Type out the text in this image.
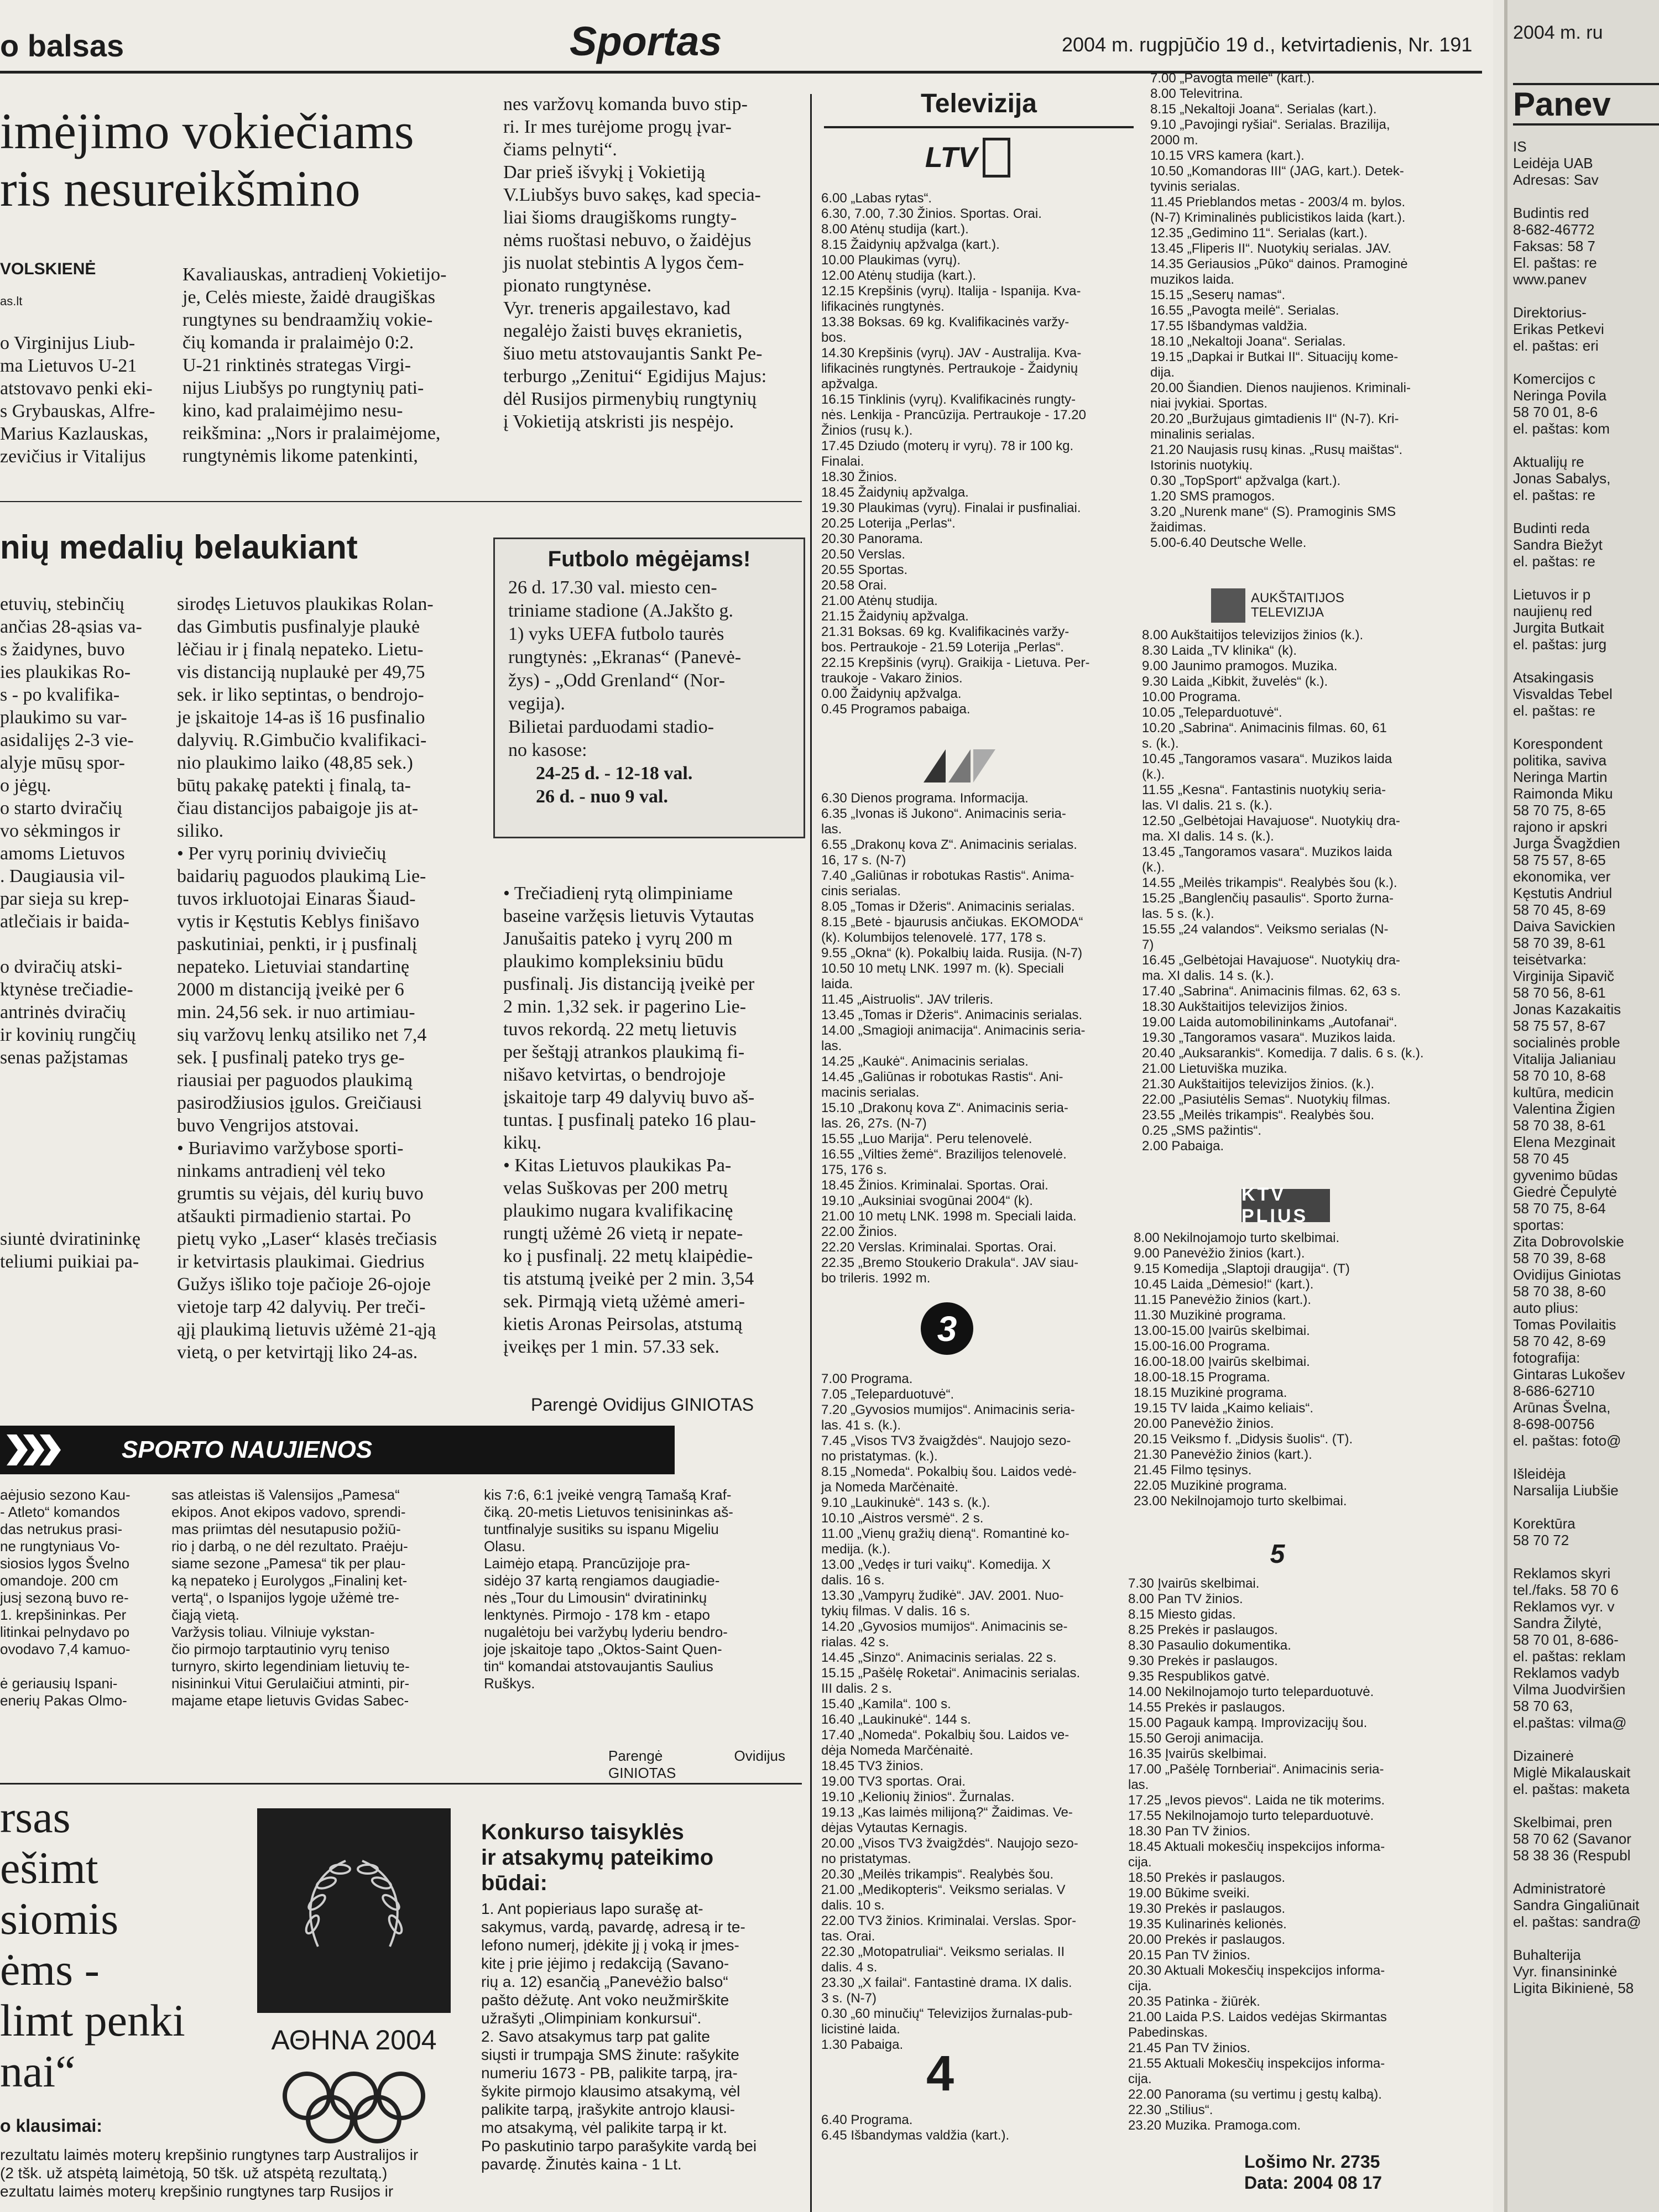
o balsas	Sportas	2004 m. rugpjūčio 19 d., ketvirtadienis, Nr. 191
imėjimo vokiečiams
ris nesureikšmino
VOLSKIENĖ
as.lt
o Virginijus Liub-
ma Lietuvos U-21
atstovavo penki eki-
s Grybauskas, Alfre-
Marius Kazlauskas,
zevičius ir Vitalijus
Kavaliauskas, antradienį Vokietijo-
je, Celės mieste, žaidė draugiškas
rungtynes su bendraamžių vokie-
čių komanda ir pralaimėjo 0:2.
U-21 rinktinės strategas Virgi-
nijus Liubšys po rungtynių pati-
kino, kad pralaimėjimo nesu-
reikšmina: „Nors ir pralaimėjome,
rungtynėmis likome patenkinti,
nes varžovų komanda buvo stip-
ri. Ir mes turėjome progų įvar-
čiams pelnyti“.
Dar prieš išvykį į Vokietiją
V.Liubšys buvo sakęs, kad specia-
liai šioms draugiškoms rungty-
nėms ruoštasi nebuvo, o žaidėjus
jis nuolat stebintis A lygos čem-
pionato rungtynėse.
Vyr. treneris apgailestavo, kad
negalėjo žaisti buvęs ekranietis,
šiuo metu atstovaujantis Sankt Pe-
terburgo „Zenitui“ Egidijus Majus:
dėl Rusijos pirmenybių rungtynių
į Vokietiją atskristi jis nespėjo.
nių medalių belaukiant
etuvių, stebinčių
ančias 28-ąsias va-
s žaidynes, buvo
ies plaukikas Ro-
s - po kvalifika-
plaukimo su var-
asidalijęs 2-3 vie-
alyje mūsų spor-
o jėgų.
o starto dviračių
vo sėkmingos ir
amoms Lietuvos
. Daugiausia vil-
par sieja su krep-
atlečiais ir baida-

o dviračių atski-
ktynėse trečiadie-
antrinės dviračių
ir kovinių rungčių
senas pažįstamas

siuntė dviratininkę
teliumi puikiai pa-
sirodęs Lietuvos plaukikas Rolan-
das Gimbutis pusfinalyje plaukė
lėčiau ir į finalą nepateko. Lietu-
vis distanciją nuplaukė per 49,75
sek. ir liko septintas, o bendrojo-
je įskaitoje 14-as iš 16 pusfinalio
dalyvių. R.Gimbučio kvalifikaci-
nio plaukimo laiko (48,85 sek.)
būtų pakakę patekti į finalą, ta-
čiau distancijos pabaigoje jis at-
siliko.
• Per vyrų porinių dviviečių
baidarių paguodos plaukimą Lie-
tuvos irkluotojai Einaras Šiaud-
vytis ir Kęstutis Keblys finišavo
paskutiniai, penkti, ir į pusfinalį
nepateko. Lietuviai standartinę
2000 m distanciją įveikė per 6
min. 24,56 sek. ir nuo artimiau-
sių varžovų lenkų atsiliko net 7,4
sek. Į pusfinalį pateko trys ge-
riausiai per paguodos plaukimą
pasirodžiusios įgulos. Greičiausi
buvo Vengrijos atstovai.
• Buriavimo varžybose sporti-
ninkams antradienį vėl teko
grumtis su vėjais, dėl kurių buvo
atšaukti pirmadienio startai. Po
pietų vyko „Laser“ klasės trečiasis
ir ketvirtasis plaukimai. Giedrius
Gužys išliko toje pačioje 26-ojoje
vietoje tarp 42 dalyvių. Per treči-
ąjį plaukimą lietuvis užėmė 21-ąją
vietą, o per ketvirtąjį liko 24-as.
Futbolo mėgėjams!
26 d. 17.30 val. miesto cen-
triniame stadione (A.Jakšto g.
1) vyks UEFA futbolo taurės
rungtynės: „Ekranas“ (Panevė-
žys) - „Odd Grenland“ (Nor-
vegija).
Bilietai parduodami stadio-
no kasose:
24-25 d. - 12-18 val.
26 d. - nuo 9 val.
• Trečiadienį rytą olimpiniame
baseine varžęsis lietuvis Vytautas
Janušaitis pateko į vyrų 200 m
plaukimo kompleksiniu būdu
pusfinalį. Jis distanciją įveikė per
2 min. 1,32 sek. ir pagerino Lie-
tuvos rekordą. 22 metų lietuvis
per šeštąjį atrankos plaukimą fi-
nišavo ketvirtas, o bendrojoje
įskaitoje tarp 49 dalyvių buvo aš-
tuntas. Į pusfinalį pateko 16 plau-
kikų.
• Kitas Lietuvos plaukikas Pa-
velas Suškovas per 200 metrų
plaukimo nugara kvalifikacinę
rungtį užėmė 26 vietą ir nepate-
ko į pusfinalį. 22 metų klaipėdie-
tis atstumą įveikė per 2 min. 3,54
sek. Pirmąją vietą užėmė ameri-
kietis Aronas Peirsolas, atstumą
įveikęs per 1 min. 57.33 sek.
Parengė Ovidijus GINIOTAS
SPORTO NAUJIENOS
aėjusio sezono Kau-
- Atleto“ komandos
das netrukus prasi-
ne rungtyniaus Vo-
siosios lygos Švelno
omandoje. 200 cm
jusį sezoną buvo re-
1. krepšininkas. Per
litinkai pelnydavo po
ovodavo 7,4 kamuo-

ė geriausių Ispani-
enerių Pakas Olmo-
sas atleistas iš Valensijos „Pamesa“
ekipos. Anot ekipos vadovo, sprendi-
mas priimtas dėl nesutapusio požiū-
rio į darbą, o ne dėl rezultato. Praėju-
siame sezone „Pamesa“ tik per plau-
ką nepateko į Eurolygos „Finalinį ket-
vertą“, o Ispanijos lygoje užėmė tre-
čiąją vietą.
Varžysis toliau. Vilniuje vykstan-
čio pirmojo tarptautinio vyrų teniso
turnyro, skirto legendiniam lietuvių te-
nisininkui Vitui Gerulaičiui atminti, pir-
majame etape lietuvis Gvidas Sabec-
kis 7:6, 6:1 įveikė vengrą Tamašą Kraf-
čiką. 20-metis Lietuvos tenisininkas aš-
tuntfinalyje susitiks su ispanu Migeliu
Olasu.
Laimėjo etapą. Prancūzijoje pra-
sidėjo 37 kartą rengiamos daugiadie-
nės „Tour du Limousin“ dviratininkų
lenktynės. Pirmojo - 178 km - etapo
nugalėtoju bei varžybų lyderiu bendro-
joje įskaitoje tapo „Oktos-Saint Quen-
tin“ komandai atstovaujantis Saulius
Ruškys.
Parengė Ovidijus GINIOTAS
rsas
ešimt
siomis
ėms -
limt penki
nai“
ΑΘΗΝΑ 2004
o klausimai:
rezultatu laimės moterų krepšinio rungtynes tarp Australijos ir
(2 tšk. už atspėtą laimėtoją, 50 tšk. už atspėtą rezultatą.)
ezultatu laimės moterų krepšinio rungtynes tarp Rusijos ir
Konkurso taisyklės
ir atsakymų pateikimo
būdai:
1. Ant popieriaus lapo surašę at-
sakymus, vardą, pavardę, adresą ir te-
lefono numerį, įdėkite jį į voką ir įmes-
kite į prie įėjimo į redakciją (Savano-
rių a. 12) esančią „Panevėžio balso“
pašto dėžutę. Ant voko neužmirškite
užrašyti „Olimpiniam konkursui“.
2. Savo atsakymus tarp pat galite
siųsti ir trumpąja SMS žinute: rašykite
numeriu 1673 - PB, palikite tarpą, įra-
šykite pirmojo klausimo atsakymą, vėl
palikite tarpą, įrašykite antrojo klausi-
mo atsakymą, vėl palikite tarpą ir kt.
Po paskutinio tarpo parašykite vardą bei
pavardę. Žinutės kaina - 1 Lt.
Televizija
LTV
6.00 „Labas rytas“.
6.30, 7.00, 7.30 Žinios. Sportas. Orai.
8.00 Atėnų studija (kart.).
8.15 Žaidynių apžvalga (kart.).
10.00 Plaukimas (vyrų).
12.00 Atėnų studija (kart.).
12.15 Krepšinis (vyrų). Italija - Ispanija. Kva-
lifikacinės rungtynės.
13.38 Boksas. 69 kg. Kvalifikacinės varžy-
bos.
14.30 Krepšinis (vyrų). JAV - Australija. Kva-
lifikacinės rungtynės. Pertraukoje - Žaidynių
apžvalga.
16.15 Tinklinis (vyrų). Kvalifikacinės rungty-
nės. Lenkija - Prancūzija. Pertraukoje - 17.20
Žinios (rusų k.).
17.45 Dziudo (moterų ir vyrų). 78 ir 100 kg.
Finalai.
18.30 Žinios.
18.45 Žaidynių apžvalga.
19.30 Plaukimas (vyrų). Finalai ir pusfinaliai.
20.25 Loterija „Perlas“.
20.30 Panorama.
20.50 Verslas.
20.55 Sportas.
20.58 Orai.
21.00 Atėnų studija.
21.15 Žaidynių apžvalga.
21.31 Boksas. 69 kg. Kvalifikacinės varžy-
bos. Pertraukoje - 21.59 Loterija „Perlas“.
22.15 Krepšinis (vyrų). Graikija - Lietuva. Per-
traukoje - Vakaro žinios.
0.00 Žaidynių apžvalga.
0.45 Programos pabaiga.
6.30 Dienos programa. Informacija.
6.35 „Ivonas iš Jukono“. Animacinis seria-
las.
6.55 „Drakonų kova Z“. Animacinis serialas.
16, 17 s. (N-7)
7.40 „Galiūnas ir robotukas Rastis“. Anima-
cinis serialas.
8.05 „Tomas ir Džeris“. Animacinis serialas.
8.15 „Betė - bjaurusis ančiukas. EKOMODA“
(k). Kolumbijos telenovelė. 177, 178 s.
9.55 „Okna“ (k). Pokalbių laida. Rusija. (N-7)
10.50 10 metų LNK. 1997 m. (k). Speciali
laida.
11.45 „Aistruolis“. JAV trileris.
13.45 „Tomas ir Džeris“. Animacinis serialas.
14.00 „Smagioji animacija“. Animacinis seria-
las.
14.25 „Kaukė“. Animacinis serialas.
14.45 „Galiūnas ir robotukas Rastis“. Ani-
macinis serialas.
15.10 „Drakonų kova Z“. Animacinis seria-
las. 26, 27s. (N-7)
15.55 „Luo Marija“. Peru telenovelė.
16.55 „Vilties žemė“. Brazilijos telenovelė.
175, 176 s.
18.45 Žinios. Kriminalai. Sportas. Orai.
19.10 „Auksiniai svogūnai 2004“ (k).
21.00 10 metų LNK. 1998 m. Speciali laida.
22.00 Žinios.
22.20 Verslas. Kriminalai. Sportas. Orai.
22.35 „Bremo Stoukerio Drakula“. JAV siau-
bo trileris. 1992 m.
3
7.00 Programa.
7.05 „Teleparduotuvė“.
7.20 „Gyvosios mumijos“. Animacinis seria-
las. 41 s. (k.).
7.45 „Visos TV3 žvaigždės“. Naujojo sezo-
no pristatymas. (k.).
8.15 „Nomeda“. Pokalbių šou. Laidos vedė-
ja Nomeda Marčėnaitė.
9.10 „Laukinukė“. 143 s. (k.).
10.10 „Aistros versmė“. 2 s.
11.00 „Vienų gražių dieną“. Romantinė ko-
medija. (k.).
13.00 „Vedęs ir turi vaikų“. Komedija. X
dalis. 16 s.
13.30 „Vampyrų žudikė“. JAV. 2001. Nuo-
tykių filmas. V dalis. 16 s.
14.20 „Gyvosios mumijos“. Animacinis se-
rialas. 42 s.
14.45 „Sinzo“. Animacinis serialas. 22 s.
15.15 „Pašėlę Roketai“. Animacinis serialas.
III dalis. 2 s.
15.40 „Kamila“. 100 s.
16.40 „Laukinukė“. 144 s.
17.40 „Nomeda“. Pokalbių šou. Laidos ve-
dėja Nomeda Marčėnaitė.
18.45 TV3 žinios.
19.00 TV3 sportas. Orai.
19.10 „Kelionių žinios“. Žurnalas.
19.13 „Kas laimės milijoną?“ Žaidimas. Ve-
dėjas Vytautas Kernagis.
20.00 „Visos TV3 žvaigždės“. Naujojo sezo-
no pristatymas.
20.30 „Meilės trikampis“. Realybės šou.
21.00 „Medikopteris“. Veiksmo serialas. V
dalis. 10 s.
22.00 TV3 žinios. Kriminalai. Verslas. Spor-
tas. Orai.
22.30 „Motopatruliai“. Veiksmo serialas. II
dalis. 4 s.
23.30 „X failai“. Fantastinė drama. IX dalis.
3 s. (N-7)
0.30 „60 minučių“ Televizijos žurnalas-pub-
licistinė laida.
1.30 Pabaiga.
4
6.40 Programa.
6.45 Išbandymas valdžia (kart.).
7.00 „Pavogta meilė“ (kart.).
8.00 Televitrina.
8.15 „Nekaltoji Joana“. Serialas (kart.).
9.10 „Pavojingi ryšiai“. Serialas. Brazilija,
2000 m.
10.15 VRS kamera (kart.).
10.50 „Komandoras III“ (JAG, kart.). Detek-
tyvinis serialas.
11.45 Prieblandos metas - 2003/4 m. bylos.
(N-7) Kriminalinės publicistikos laida (kart.).
12.35 „Gedimino 11“. Serialas (kart.).
13.45 „Fliperis II“. Nuotykių serialas. JAV.
14.35 Geriausios „Pūko“ dainos. Pramoginė
muzikos laida.
15.15 „Seserų namas“.
16.55 „Pavogta meilė“. Serialas.
17.55 Išbandymas valdžia.
18.10 „Nekaltoji Joana“. Serialas.
19.15 „Dapkai ir Butkai II“. Situacijų kome-
dija.
20.00 Šiandien. Dienos naujienos. Kriminali-
niai įvykiai. Sportas.
20.20 „Buržujaus gimtadienis II“ (N-7). Kri-
minalinis serialas.
21.20 Naujasis rusų kinas. „Rusų maištas“.
Istorinis nuotykių.
0.30 „TopSport“ apžvalga (kart.).
1.20 SMS pramogos.
3.20 „Nurenk mane“ (S). Pramoginis SMS
žaidimas.
5.00-6.40 Deutsche Welle.
AUKŠTAITIJOS
TELEVIZIJA
8.00 Aukštaitijos televizijos žinios (k.).
8.30 Laida „TV klinika“ (k).
9.00 Jaunimo pramogos. Muzika.
9.30 Laida „Kibkit, žuvelės“ (k.).
10.00 Programa.
10.05 „Teleparduotuvė“.
10.20 „Sabrina“. Animacinis filmas. 60, 61
s. (k.).
10.45 „Tangoramos vasara“. Muzikos laida
(k.).
11.55 „Kesna“. Fantastinis nuotykių seria-
las. VI dalis. 21 s. (k.).
12.50 „Gelbėtojai Havajuose“. Nuotykių dra-
ma. XI dalis. 14 s. (k.).
13.45 „Tangoramos vasara“. Muzikos laida
(k.).
14.55 „Meilės trikampis“. Realybės šou (k.).
15.25 „Banglenčių pasaulis“. Sporto žurna-
las. 5 s. (k.).
15.55 „24 valandos“. Veiksmo serialas (N-
7)
16.45 „Gelbėtojai Havajuose“. Nuotykių dra-
ma. XI dalis. 14 s. (k.).
17.40 „Sabrina“. Animacinis filmas. 62, 63 s.
18.30 Aukštaitijos televizijos žinios.
19.00 Laida automobilininkams „Autofanai“.
19.30 „Tangoramos vasara“. Muzikos laida.
20.40 „Auksarankis“. Komedija. 7 dalis. 6 s. (k.).
21.00 Lietuviška muzika.
21.30 Aukštaitijos televizijos žinios. (k.).
22.00 „Pasiutėlis Semas“. Nuotykių filmas.
23.55 „Meilės trikampis“. Realybės šou.
0.25 „SMS pažintis“.
2.00 Pabaiga.
KTV PLIUS
8.00 Nekilnojamojo turto skelbimai.
9.00 Panevėžio žinios (kart.).
9.15 Komedija „Slaptoji draugija“. (T)
10.45 Laida „Dėmesio!“ (kart.).
11.15 Panevėžio žinios (kart.).
11.30 Muzikinė programa.
13.00-15.00 Įvairūs skelbimai.
15.00-16.00 Programa.
16.00-18.00 Įvairūs skelbimai.
18.00-18.15 Programa.
18.15 Muzikinė programa.
19.15 TV laida „Kaimo keliais“.
20.00 Panevėžio žinios.
20.15 Veiksmo f. „Didysis šuolis“. (T).
21.30 Panevėžio žinios (kart.).
21.45 Filmo tęsinys.
22.05 Muzikinė programa.
23.00 Nekilnojamojo turto skelbimai.
5
7.30 Įvairūs skelbimai.
8.00 Pan TV žinios.
8.15 Miesto gidas.
8.25 Prekės ir paslaugos.
8.30 Pasaulio dokumentika.
9.30 Prekės ir paslaugos.
9.35 Respublikos gatvė.
14.00 Nekilnojamojo turto teleparduotuvė.
14.55 Prekės ir paslaugos.
15.00 Pagauk kampą. Improvizacijų šou.
15.50 Geroji animacija.
16.35 Įvairūs skelbimai.
17.00 „Pašėlę Tornberiai“. Animacinis seria-
las.
17.25 „Ievos pievos“. Laida ne tik moterims.
17.55 Nekilnojamojo turto teleparduotuvė.
18.30 Pan TV žinios.
18.45 Aktuali mokesčių inspekcijos informa-
cija.
18.50 Prekės ir paslaugos.
19.00 Būkime sveiki.
19.30 Prekės ir paslaugos.
19.35 Kulinarinės kelionės.
20.00 Prekės ir paslaugos.
20.15 Pan TV žinios.
20.30 Aktuali Mokesčių inspekcijos informa-
cija.
20.35 Patinka - žiūrėk.
21.00 Laida P.S. Laidos vedėjas Skirmantas
Pabedinskas.
21.45 Pan TV žinios.
21.55 Aktuali Mokesčių inspekcijos informa-
cija.
22.00 Panorama (su vertimu į gestų kalbą).
22.30 „Stilius“.
23.20 Muzika. Pramoga.com.
Lošimo Nr. 2735
Data: 2004 08 17
2004 m. ru
Panev
IS
Leidėja UAB
Adresas: Sav

Budintis red
8-682-46772
Faksas: 58 7
El. paštas: re
www.panev

Direktorius-
Erikas Petkevi
el. paštas: eri

Komercijos c
Neringa Povila
58 70 01, 8-6
el. paštas: kom

Aktualijų re
Jonas Sabalys,
el. paštas: re

Budinti reda
Sandra Biežyt
el. paštas: re

Lietuvos ir p
naujienų red
Jurgita Butkait
el. paštas: jurg

Atsakingasis
Visvaldas Tebel
el. paštas: re

Korespondent
politika, saviva
Neringa Martin
Raimonda Miku
58 70 75, 8-65
rajono ir apskri
Jurga Švagždien
58 75 57, 8-65
ekonomika, ver
Kęstutis Andriul
58 70 45, 8-69
Daiva Savickien
58 70 39, 8-61
teisėtvarka:
Virginija Sipavič
58 70 56, 8-61
Jonas Kazakaitis
58 75 57, 8-67
socialinės proble
Vitalija Jalianiau
58 70 10, 8-68
kultūra, medicin
Valentina Žigien
58 70 38, 8-61
Elena Mezginait
58 70 45
gyvenimo būdas
Giedrė Čepulytė
58 70 75, 8-64
sportas:
Zita Dobrovolskie
58 70 39, 8-68
Ovidijus Giniotas
58 70 38, 8-60
auto plius:
Tomas Povilaitis
58 70 42, 8-69
fotografija:
Gintaras Lukošev
8-686-62710
Arūnas Švelna,
8-698-00756
el. paštas: foto@

Išleidėja
Narsalija Liubšie

Korektūra
58 70 72

Reklamos skyri
tel./faks. 58 70 6
Reklamos vyr. v
Sandra Žilytė,
58 70 01, 8-686-
el. paštas: reklam
Reklamos vadyb
Vilma Juodviršien
58 70 63,
el.paštas: vilma@

Dizainerė
Miglė Mikalauskait
el. paštas: maketa

Skelbimai, pren
58 70 62 (Savanor
58 38 36 (Respubl

Administratorė
Sandra Gingaliūnait
el. paštas: sandra@

Buhalterija
Vyr. finansininkė
Ligita Bikinienė, 58
